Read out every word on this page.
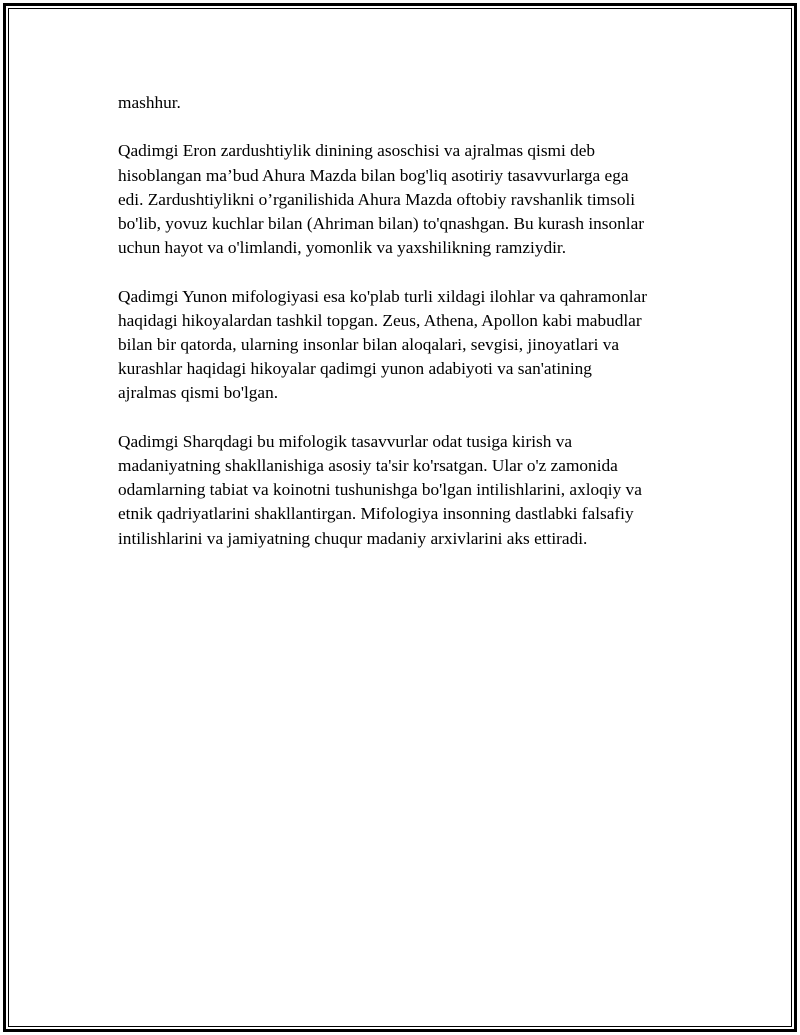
mashhur.

Qadimgi Eron zardushtiylik dinining asoschisi va ajralmas qismi deb
hisoblangan ma’bud Ahura Mazda bilan bog'liq asotiriy tasavvurlarga ega
edi. Zardushtiylikni o’rganilishida Ahura Mazda oftobiy ravshanlik timsoli
bo'lib, yovuz kuchlar bilan (Ahriman bilan) to'qnashgan. Bu kurash insonlar
uchun hayot va o'limlandi, yomonlik va yaxshilikning ramziydir.

Qadimgi Yunon mifologiyasi esa ko'plab turli xildagi ilohlar va qahramonlar
haqidagi hikoyalardan tashkil topgan. Zeus, Athena, Apollon kabi mabudlar
bilan bir qatorda, ularning insonlar bilan aloqalari, sevgisi, jinoyatlari va
kurashlar haqidagi hikoyalar qadimgi yunon adabiyoti va san'atining
ajralmas qismi bo'lgan.

Qadimgi Sharqdagi bu mifologik tasavvurlar odat tusiga kirish va
madaniyatning shakllanishiga asosiy ta'sir ko'rsatgan. Ular o'z zamonida
odamlarning tabiat va koinotni tushunishga bo'lgan intilishlarini, axloqiy va
etnik qadriyatlarini shakllantirgan. Mifologiya insonning dastlabki falsafiy
intilishlarini va jamiyatning chuqur madaniy arxivlarini aks ettiradi.
